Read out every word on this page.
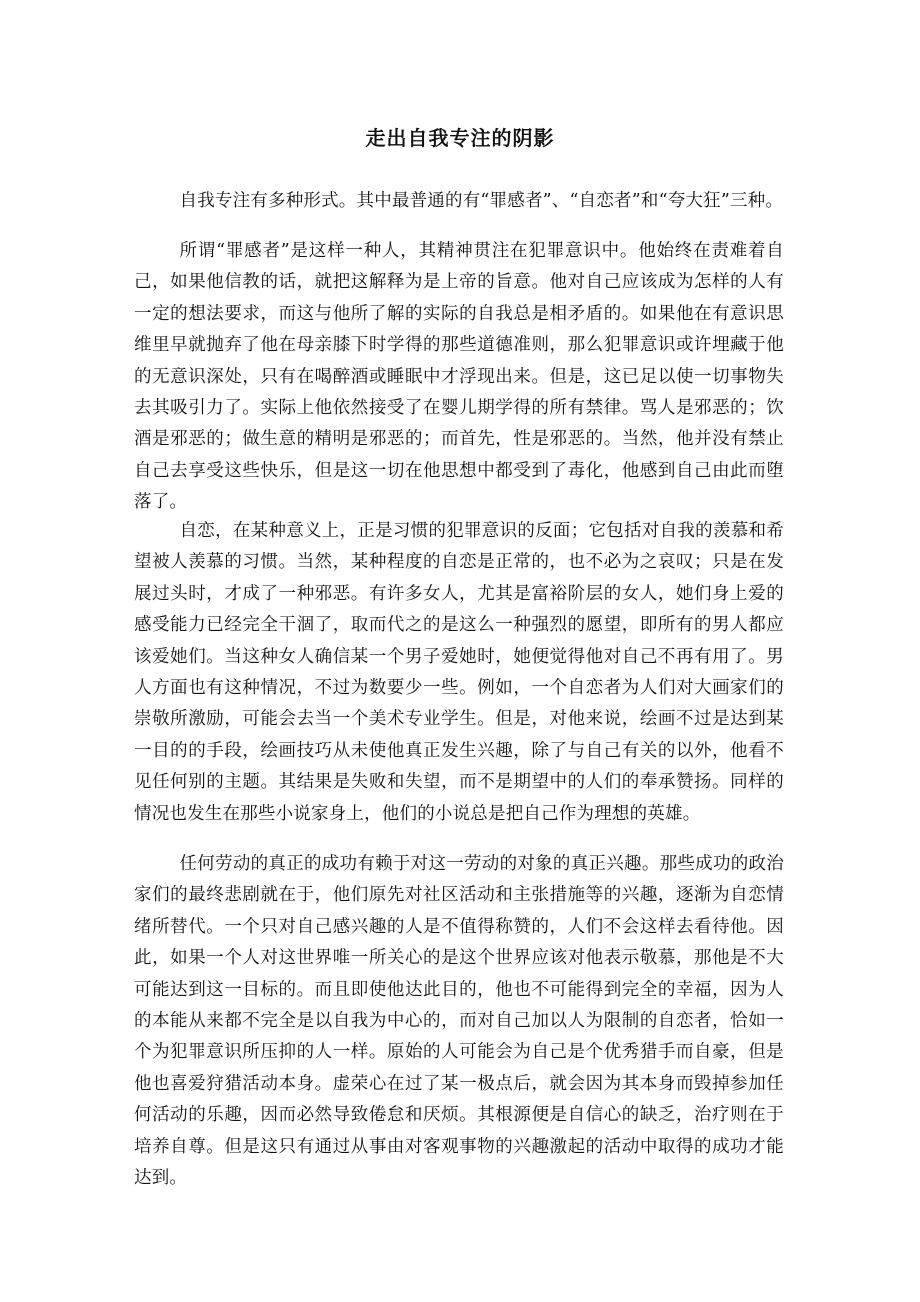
走出自我专注的阴影

自我专注有多种形式。其中最普通的有“罪感者”、“自恋者”和“夸大狂”三种。

所谓“罪感者”是这样一种人，其精神贯注在犯罪意识中。他始终在责难着自己，如果他信教的话，就把这解释为是上帝的旨意。他对自己应该成为怎样的人有一定的想法要求，而这与他所了解的实际的自我总是相矛盾的。如果他在有意识思维里早就抛弃了他在母亲膝下时学得的那些道德准则，那么犯罪意识或许埋藏于他的无意识深处，只有在喝醉酒或睡眠中才浮现出来。但是，这已足以使一切事物失去其吸引力了。实际上他依然接受了在婴儿期学得的所有禁律。骂人是邪恶的；饮酒是邪恶的；做生意的精明是邪恶的；而首先，性是邪恶的。当然，他并没有禁止自己去享受这些快乐，但是这一切在他思想中都受到了毒化，他感到自己由此而堕落了。

自恋，在某种意义上，正是习惯的犯罪意识的反面；它包括对自我的羡慕和希望被人羡慕的习惯。当然，某种程度的自恋是正常的，也不必为之哀叹；只是在发展过头时，才成了一种邪恶。有许多女人，尤其是富裕阶层的女人，她们身上爱的感受能力已经完全干涸了，取而代之的是这么一种强烈的愿望，即所有的男人都应该爱她们。当这种女人确信某一个男子爱她时，她便觉得他对自己不再有用了。男人方面也有这种情况，不过为数要少一些。例如，一个自恋者为人们对大画家们的崇敬所激励，可能会去当一个美术专业学生。但是，对他来说，绘画不过是达到某一目的的手段，绘画技巧从未使他真正发生兴趣，除了与自己有关的以外，他看不见任何别的主题。其结果是失败和失望，而不是期望中的人们的奉承赞扬。同样的情况也发生在那些小说家身上，他们的小说总是把自己作为理想的英雄。

任何劳动的真正的成功有赖于对这一劳动的对象的真正兴趣。那些成功的政治家们的最终悲剧就在于，他们原先对社区活动和主张措施等的兴趣，逐渐为自恋情绪所替代。一个只对自己感兴趣的人是不值得称赞的，人们不会这样去看待他。因此，如果一个人对这世界唯一所关心的是这个世界应该对他表示敬慕，那他是不大可能达到这一目标的。而且即使他达此目的，他也不可能得到完全的幸福，因为人的本能从来都不完全是以自我为中心的，而对自己加以人为限制的自恋者，恰如一个为犯罪意识所压抑的人一样。原始的人可能会为自己是个优秀猎手而自豪，但是他也喜爱狩猎活动本身。虚荣心在过了某一极点后，就会因为其本身而毁掉参加任何活动的乐趣，因而必然导致倦怠和厌烦。其根源便是自信心的缺乏，治疗则在于培养自尊。但是这只有通过从事由对客观事物的兴趣激起的活动中取得的成功才能达到。
